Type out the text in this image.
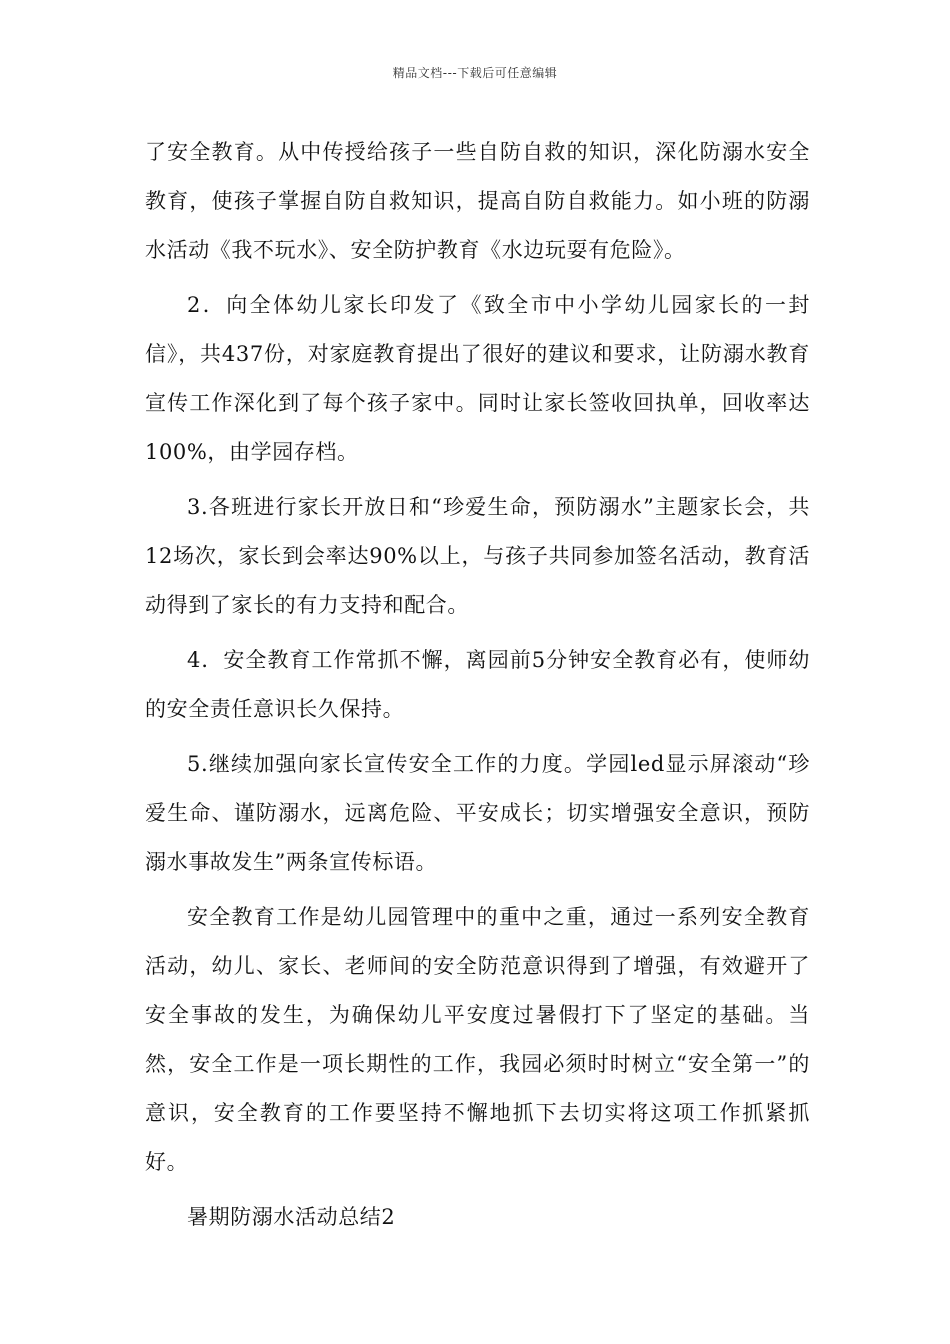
精品文档---下载后可任意编辑

了安全教育。从中传授给孩子一些自防自救的知识，深化防溺水安全教育，使孩子掌握自防自救知识，提高自防自救能力。如小班的防溺水活动《我不玩水》、安全防护教育《水边玩耍有危险》。

2．向全体幼儿家长印发了《致全市中小学幼儿园家长的一封信》，共437份，对家庭教育提出了很好的建议和要求，让防溺水教育宣传工作深化到了每个孩子家中。同时让家长签收回执单，回收率达100%，由学园存档。

3.各班进行家长开放日和“珍爱生命，预防溺水”主题家长会，共12场次，家长到会率达90%以上，与孩子共同参加签名活动，教育活动得到了家长的有力支持和配合。

4．安全教育工作常抓不懈，离园前5分钟安全教育必有，使师幼的安全责任意识长久保持。

5.继续加强向家长宣传安全工作的力度。学园led显示屏滚动“珍爱生命、谨防溺水，远离危险、平安成长；切实增强安全意识，预防溺水事故发生”两条宣传标语。

安全教育工作是幼儿园管理中的重中之重，通过一系列安全教育活动，幼儿、家长、老师间的安全防范意识得到了增强，有效避开了安全事故的发生，为确保幼儿平安度过暑假打下了坚定的基础。当然，安全工作是一项长期性的工作，我园必须时时树立“安全第一”的意识，安全教育的工作要坚持不懈地抓下去切实将这项工作抓紧抓好。

暑期防溺水活动总结2
